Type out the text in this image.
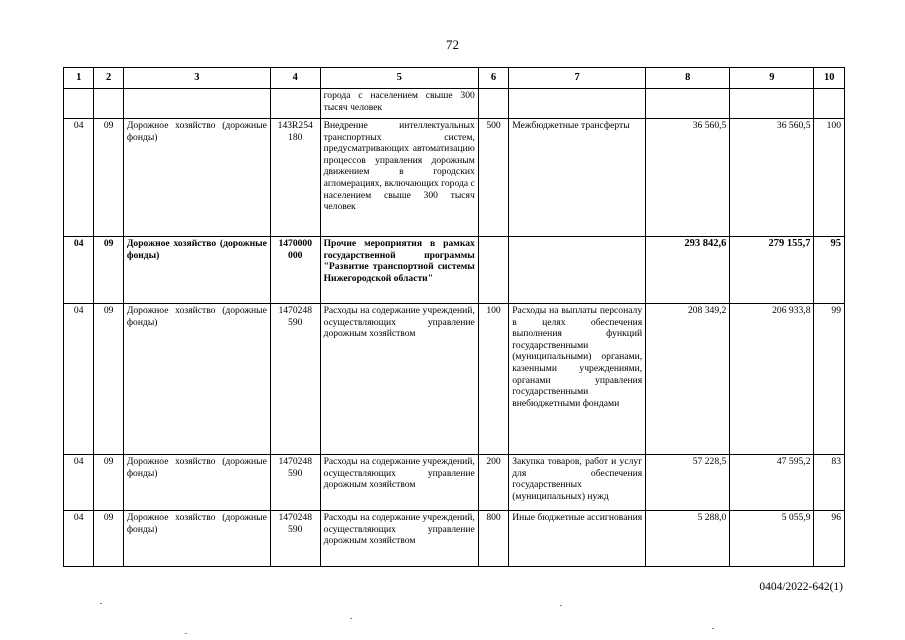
72
1	2	3	4	5	6	7	8	9	10
				города с населением свыше 300 тысяч человек					
04	09	Дорожное хозяйство (дорожные фонды)	143R254 180	Внедрение интеллектуальных транспортных систем, предусматривающих автоматизацию процессов управления дорожным движением в городских агломерациях, включающих города с населением свыше 300 тысяч человек	500	Межбюджетные трансферты	36 560,5	36 560,5	100
04	09	Дорожное хозяйство (дорожные фонды)	1470000 000	Прочие мероприятия в рамках государственной программы "Развитие транспортной системы Нижегородской области"			293 842,6	279 155,7	95
04	09	Дорожное хозяйство (дорожные фонды)	1470248 590	Расходы на содержание учреждений, осуществляющих управление дорожным хозяйством	100	Расходы на выплаты персоналу в целях обеспечения выполнения функций государственными (муниципальными) органами, казенными учреждениями, органами управления государственными внебюджетными фондами	208 349,2	206 933,8	99
04	09	Дорожное хозяйство (дорожные фонды)	1470248 590	Расходы на содержание учреждений, осуществляющих управление дорожным хозяйством	200	Закупка товаров, работ и услуг для обеспечения государственных (муниципальных) нужд	57 228,5	47 595,2	83
04	09	Дорожное хозяйство (дорожные фонды)	1470248 590	Расходы на содержание учреждений, осуществляющих управление дорожным хозяйством	800	Иные бюджетные ассигнования	5 288,0	5 055,9	96
0404/2022-642(1)
